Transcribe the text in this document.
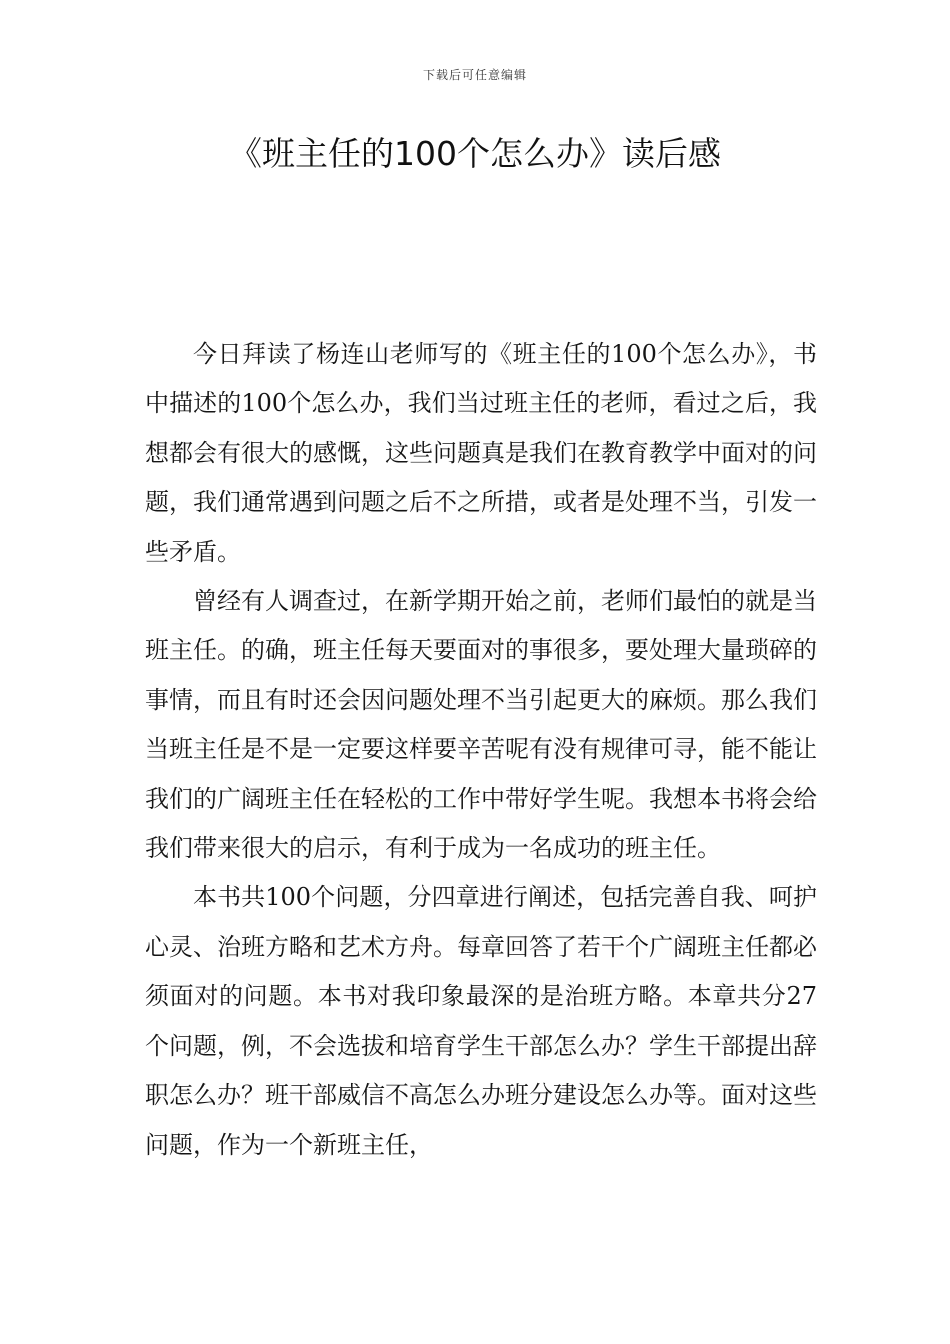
下载后可任意编辑
《班主任的100个怎么办》读后感

今日拜读了杨连山老师写的《班主任的100个怎么办》，书中描述的100个怎么办，我们当过班主任的老师，看过之后，我想都会有很大的感慨，这些问题真是我们在教育教学中面对的问题，我们通常遇到问题之后不之所措，或者是处理不当，引发一些矛盾。

曾经有人调查过，在新学期开始之前，老师们最怕的就是当班主任。的确，班主任每天要面对的事很多，要处理大量琐碎的事情，而且有时还会因问题处理不当引起更大的麻烦。那么我们当班主任是不是一定要这样要辛苦呢有没有规律可寻，能不能让我们的广阔班主任在轻松的工作中带好学生呢。我想本书将会给我们带来很大的启示，有利于成为一名成功的班主任。

本书共100个问题，分四章进行阐述，包括完善自我、呵护心灵、治班方略和艺术方舟。每章回答了若干个广阔班主任都必须面对的问题。本书对我印象最深的是治班方略。本章共分27个问题，例，不会选拔和培育学生干部怎么办？学生干部提出辞职怎么办？班干部威信不高怎么办班分建设怎么办等。面对这些问题，作为一个新班主任，
